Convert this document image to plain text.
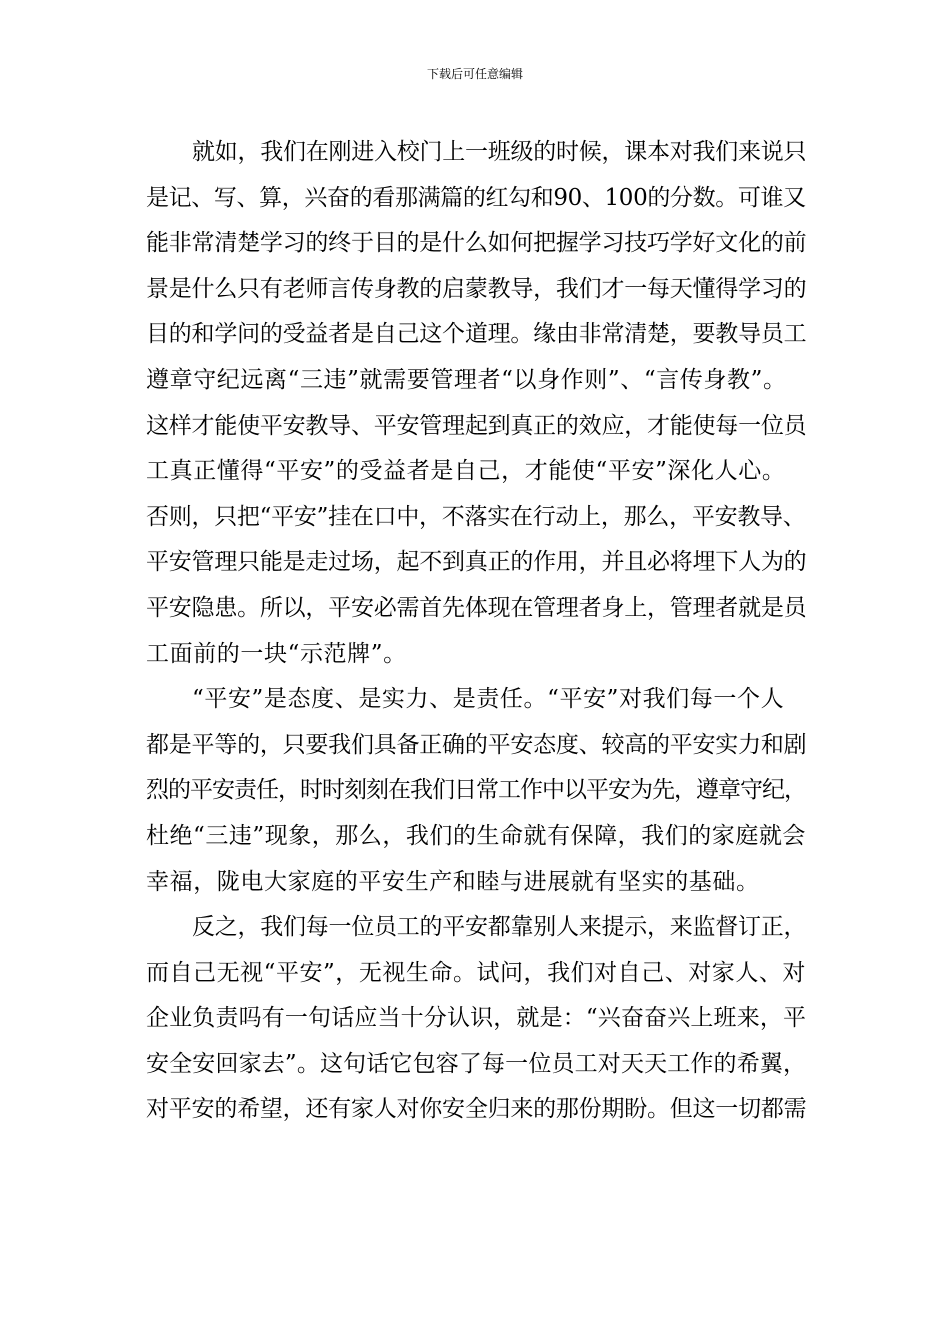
下载后可任意编辑
就如，我们在刚进入校门上一班级的时候，课本对我们来说只
是记、写、算，兴奋的看那满篇的红勾和90、100的分数。可谁又
能非常清楚学习的终于目的是什么如何把握学习技巧学好文化的前
景是什么只有老师言传身教的启蒙教导，我们才一每天懂得学习的
目的和学问的受益者是自己这个道理。缘由非常清楚，要教导员工
遵章守纪远离“三违”就需要管理者“以身作则”、“言传身教”。
这样才能使平安教导、平安管理起到真正的效应，才能使每一位员
工真正懂得“平安”的受益者是自己，才能使“平安”深化人心。
否则，只把“平安”挂在口中，不落实在行动上，那么，平安教导、
平安管理只能是走过场，起不到真正的作用，并且必将埋下人为的
平安隐患。所以，平安必需首先体现在管理者身上，管理者就是员
工面前的一块“示范牌”。
“平安”是态度、是实力、是责任。“平安”对我们每一个人
都是平等的，只要我们具备正确的平安态度、较高的平安实力和剧
烈的平安责任，时时刻刻在我们日常工作中以平安为先，遵章守纪，
杜绝“三违”现象，那么，我们的生命就有保障，我们的家庭就会
幸福，陇电大家庭的平安生产和睦与进展就有坚实的基础。
反之，我们每一位员工的平安都靠别人来提示，来监督订正，
而自己无视“平安”，无视生命。试问，我们对自己、对家人、对
企业负责吗有一句话应当十分认识，就是：“兴奋奋兴上班来，平
安全安回家去”。这句话它包容了每一位员工对天天工作的希翼，
对平安的希望，还有家人对你安全归来的那份期盼。但这一切都需
